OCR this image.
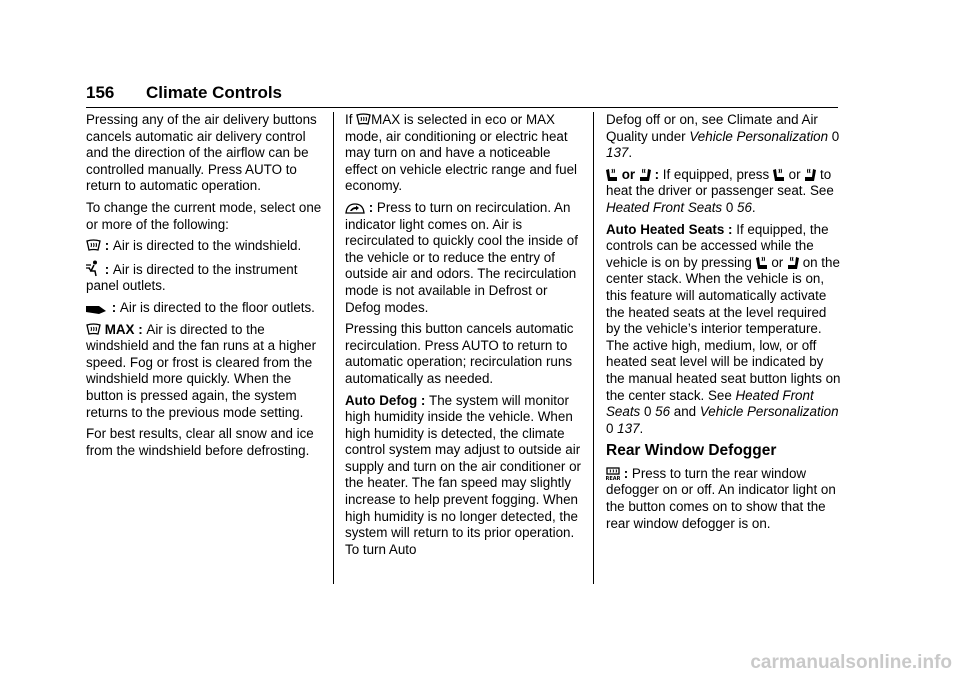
156 Climate Controls

Pressing any of the air delivery buttons cancels automatic air delivery control and the direction of the airflow can be controlled manually. Press AUTO to return to automatic operation.

To change the current mode, select one or more of the following:

: Air is directed to the windshield.

: Air is directed to the instrument panel outlets.

: Air is directed to the floor outlets.

MAX : Air is directed to the windshield and the fan runs at a higher speed. Fog or frost is cleared from the windshield more quickly. When the button is pressed again, the system returns to the previous mode setting.

For best results, clear all snow and ice from the windshield before defrosting.

If
MAX is selected in eco or MAX mode, air conditioning or electric heat may turn on and have a noticeable effect on vehicle electric range and fuel economy.

: Press to turn on recirculation. An indicator light comes on. Air is recirculated to quickly cool the inside of the vehicle or to reduce the entry of outside air and odors. The recirculation mode is not available in Defrost or Defog modes.

Pressing this button cancels automatic recirculation. Press AUTO to return to automatic operation; recirculation runs automatically as needed.

Auto Defog : The system will monitor high humidity inside the vehicle. When high humidity is detected, the climate control system may adjust to outside air supply and turn on the air conditioner or the heater. The fan speed may slightly increase to help prevent fogging. When high humidity is no longer detected, the system will return to its prior operation. To turn Auto

Defog off or on, see Climate and Air Quality under Vehicle Personalization 0 137.

or
: If equipped, press
or
to heat the driver or passenger seat. See Heated Front Seats 0 56.

Auto Heated Seats : If equipped, the controls can be accessed while the vehicle is on by pressing
or
on the center stack. When the vehicle is on, this feature will automatically activate the heated seats at the level required by the vehicle’s interior temperature. The active high, medium, low, or off heated seat level will be indicated by the manual heated seat button lights on the center stack. See Heated Front Seats 0 56 and Vehicle Personalization 0 137.

Rear Window Defogger

REAR : Press to turn the rear window defogger on or off. An indicator light on the button comes on to show that the rear window defogger is on.

carmanualsonline.info
